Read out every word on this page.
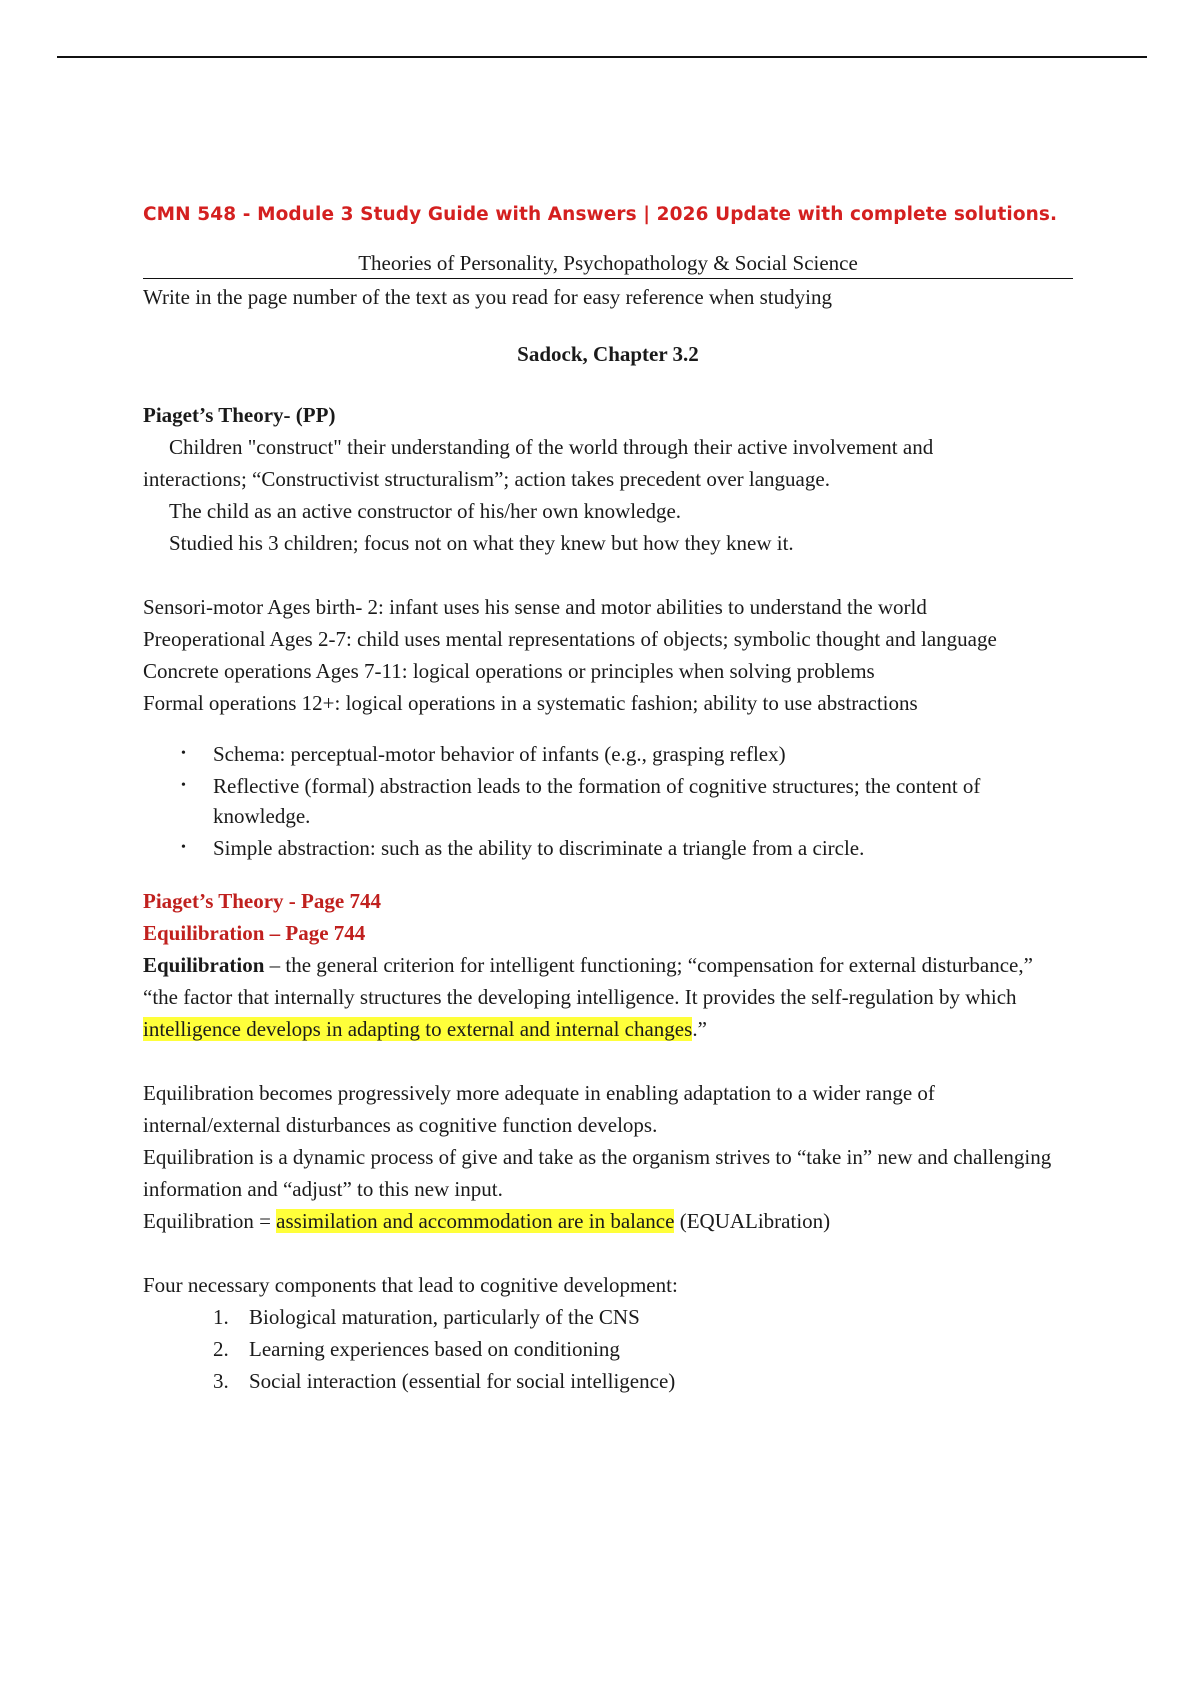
CMN 548 - Module 3 Study Guide with Answers | 2026 Update with complete solutions.
Theories of Personality, Psychopathology & Social Science
Write in the page number of the text as you read for easy reference when studying
Sadock, Chapter 3.2

Piaget’s Theory- (PP)

Children "construct" their understanding of the world through their active involvement and

interactions; “Constructivist structuralism”; action takes precedent over language.

The child as an active constructor of his/her own knowledge.

Studied his 3 children; focus not on what they knew but how they knew it.

Sensori-motor Ages birth- 2: infant uses his sense and motor abilities to understand the world

Preoperational Ages 2-7: child uses mental representations of objects; symbolic thought and language

Concrete operations Ages 7-11: logical operations or principles when solving problems

Formal operations 12+: logical operations in a systematic fashion; ability to use abstractions

• Schema: perceptual-motor behavior of infants (e.g., grasping reflex)
• Reflective (formal) abstraction leads to the formation of cognitive structures; the content of knowledge.
• Simple abstraction: such as the ability to discriminate a triangle from a circle.

Piaget’s Theory - Page 744

Equilibration – Page 744

Equilibration – the general criterion for intelligent functioning; “compensation for external disturbance,” “the factor that internally structures the developing intelligence. It provides the self-regulation by which intelligence develops in adapting to external and internal changes.”

Equilibration becomes progressively more adequate in enabling adaptation to a wider range of internal/external disturbances as cognitive function develops.

Equilibration is a dynamic process of give and take as the organism strives to “take in” new and challenging information and “adjust” to this new input.

Equilibration = assimilation and accommodation are in balance (EQUALibration)

Four necessary components that lead to cognitive development:

1. Biological maturation, particularly of the CNS
2. Learning experiences based on conditioning
3. Social interaction (essential for social intelligence)
